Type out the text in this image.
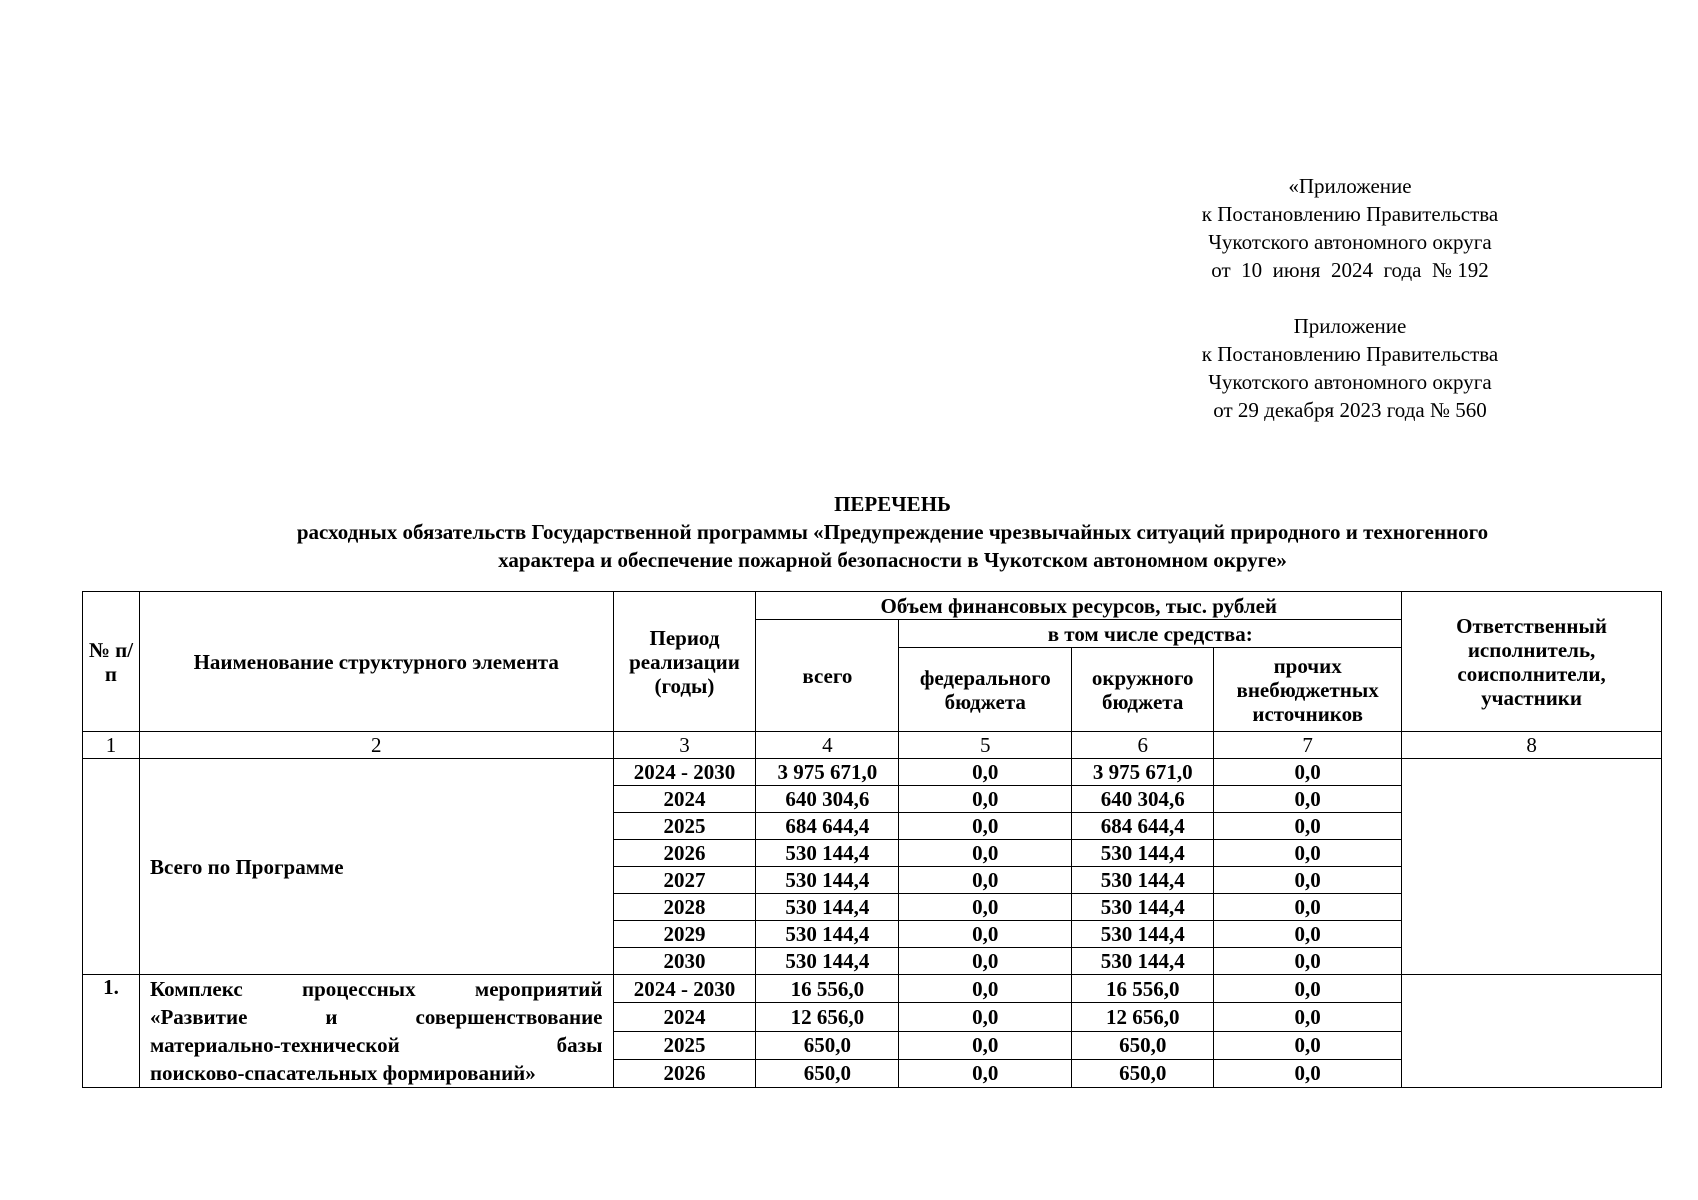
«Приложение
к Постановлению Правительства
Чукотского автономного округа
от  10  июня  2024  года  № 192
Приложение
к Постановлению Правительства
Чукотского автономного округа
от 29 декабря 2023 года № 560
ПЕРЕЧЕНЬ
расходных обязательств Государственной программы «Предупреждение чрезвычайных ситуаций природного и техногенного
характера и обеспечение пожарной безопасности в Чукотском автономном округе»
№ п/п	Наименование структурного элемента	Период реализации (годы)	Объем финансовых ресурсов, тыс. рублей				Ответственный исполнитель, соисполнители, участники
			всего	в том числе средства:			
				федерального бюджета	окружного бюджета	прочих внебюджетных источников	

1	2	3	4	5	6	7	8
	Всего по Программе	2024 - 2030	3 975 671,0	0,0	3 975 671,0	0,0	
		2024	640 304,6	0,0	640 304,6	0,0	
		2025	684 644,4	0,0	684 644,4	0,0	
		2026	530 144,4	0,0	530 144,4	0,0	
		2027	530 144,4	0,0	530 144,4	0,0	
		2028	530 144,4	0,0	530 144,4	0,0	
		2029	530 144,4	0,0	530 144,4	0,0	
		2030	530 144,4	0,0	530 144,4	0,0	
1.	Комплекс процессных мероприятий
«Развитие и совершенствование
материально-технической базы
поисково-спасательных формирований»	2024 - 2030	16 556,0	0,0	16 556,0	0,0	
		2024	12 656,0	0,0	12 656,0	0,0	
		2025	650,0	0,0	650,0	0,0	
		2026	650,0	0,0	650,0	0,0	
